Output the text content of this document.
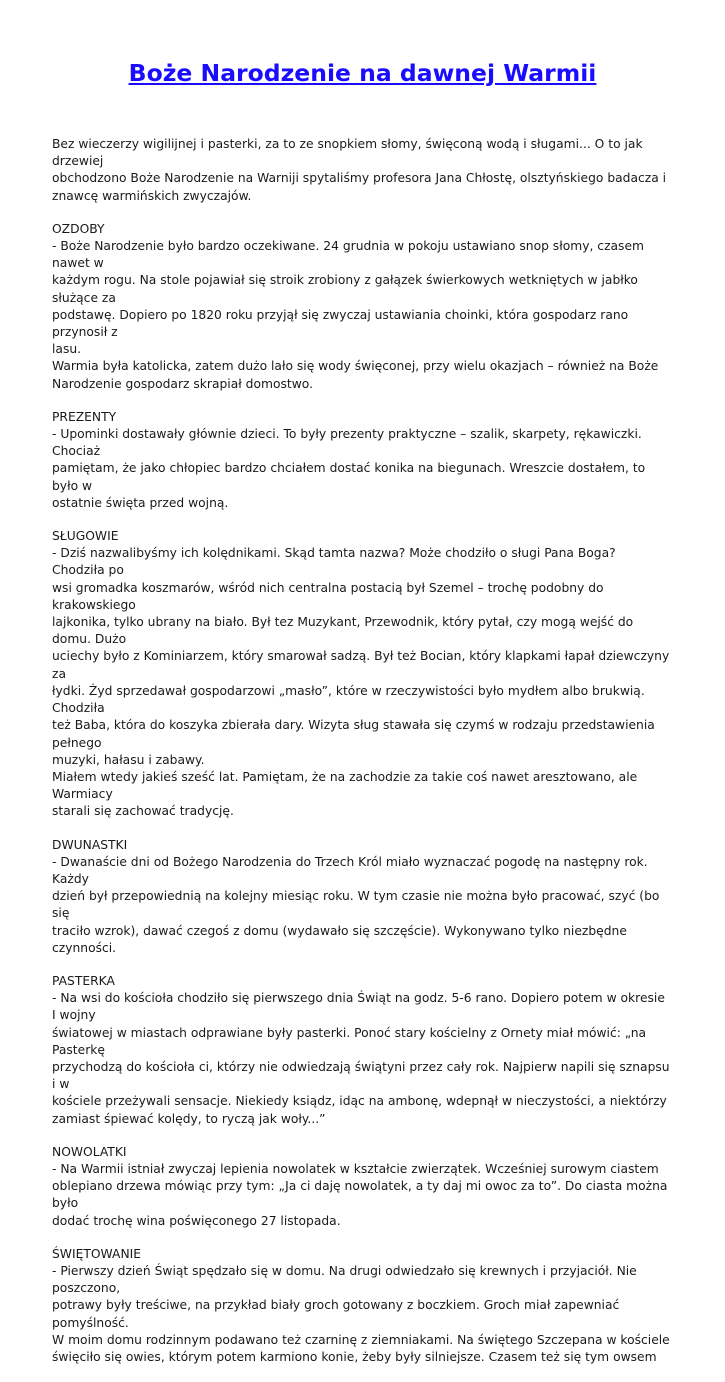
Boże Narodzenie na dawnej Warmii

Bez wieczerzy wigilijnej i pasterki, za to ze snopkiem słomy, święconą wodą i sługami... O to jak drzewiej
obchodzono Boże Narodzenie na Warniji spytaliśmy profesora Jana Chłostę, olsztyńskiego badacza i
znawcę warmińskich zwyczajów.

OZDOBY

- Boże Narodzenie było bardzo oczekiwane. 24 grudnia w pokoju ustawiano snop słomy, czasem nawet w
każdym rogu. Na stole pojawiał się stroik zrobiony z gałązek świerkowych wetkniętych w jabłko służące za
podstawę. Dopiero po 1820 roku przyjął się zwyczaj ustawiania choinki, która gospodarz rano przynosił z
lasu.

Warmia była katolicka, zatem dużo lało się wody święconej, przy wielu okazjach – również na Boże
Narodzenie gospodarz skrapiał domostwo.

PREZENTY

- Upominki dostawały głównie dzieci. To były prezenty praktyczne – szalik, skarpety, rękawiczki. Chociaż
pamiętam, że jako chłopiec bardzo chciałem dostać konika na biegunach. Wreszcie dostałem, to było w
ostatnie święta przed wojną.

SŁUGOWIE

- Dziś nazwalibyśmy ich kolędnikami. Skąd tamta nazwa? Może chodziło o sługi Pana Boga? Chodziła po
wsi gromadka koszmarów, wśród nich centralna postacią był Szemel – trochę podobny do krakowskiego
lajkonika, tylko ubrany na biało. Był tez Muzykant, Przewodnik, który pytał, czy mogą wejść do domu. Dużo
uciechy było z Kominiarzem, który smarował sadzą. Był też Bocian, który klapkami łapał dziewczyny za
łydki. Żyd sprzedawał gospodarzowi „masło”, które w rzeczywistości było mydłem albo brukwią. Chodziła
też Baba, która do koszyka zbierała dary. Wizyta sług stawała się czymś w rodzaju przedstawienia pełnego
muzyki, hałasu i zabawy.

Miałem wtedy jakieś sześć lat. Pamiętam, że na zachodzie za takie coś nawet aresztowano, ale Warmiacy
starali się zachować tradycję.

DWUNASTKI

- Dwanaście dni od Bożego Narodzenia do Trzech Król miało wyznaczać pogodę na następny rok. Każdy
dzień był przepowiednią na kolejny miesiąc roku. W tym czasie nie można było pracować, szyć (bo się
traciło wzrok), dawać czegoś z domu (wydawało się szczęście). Wykonywano tylko niezbędne czynności.

PASTERKA

- Na wsi do kościoła chodziło się pierwszego dnia Świąt na godz. 5-6 rano. Dopiero potem w okresie I wojny
światowej w miastach odprawiane były pasterki. Ponoć stary kościelny z Ornety miał mówić: „na Pasterkę
przychodzą do kościoła ci, którzy nie odwiedzają świątyni przez cały rok. Najpierw napili się sznapsu i w
kościele przeżywali sensacje. Niekiedy ksiądz, idąc na ambonę, wdepnął w nieczystości, a niektórzy
zamiast śpiewać kolędy, to ryczą jak woły...”

NOWOLATKI

- Na Warmii istniał zwyczaj lepienia nowolatek w kształcie zwierzątek. Wcześniej surowym ciastem
oblepiano drzewa mówiąc przy tym: „Ja ci daję nowolatek, a ty daj mi owoc za to”. Do ciasta można było
dodać trochę wina poświęconego 27 listopada.

ŚWIĘTOWANIE

- Pierwszy dzień Świąt spędzało się w domu. Na drugi odwiedzało się krewnych i przyjaciół. Nie poszczono,
potrawy były treściwe, na przykład biały groch gotowany z boczkiem. Groch miał zapewniać pomyślność.
W moim domu rodzinnym podawano też czarninę z ziemniakami. Na świętego Szczepana w kościele
święciło się owies, którym potem karmiono konie, żeby były silniejsze. Czasem też się tym owsem
